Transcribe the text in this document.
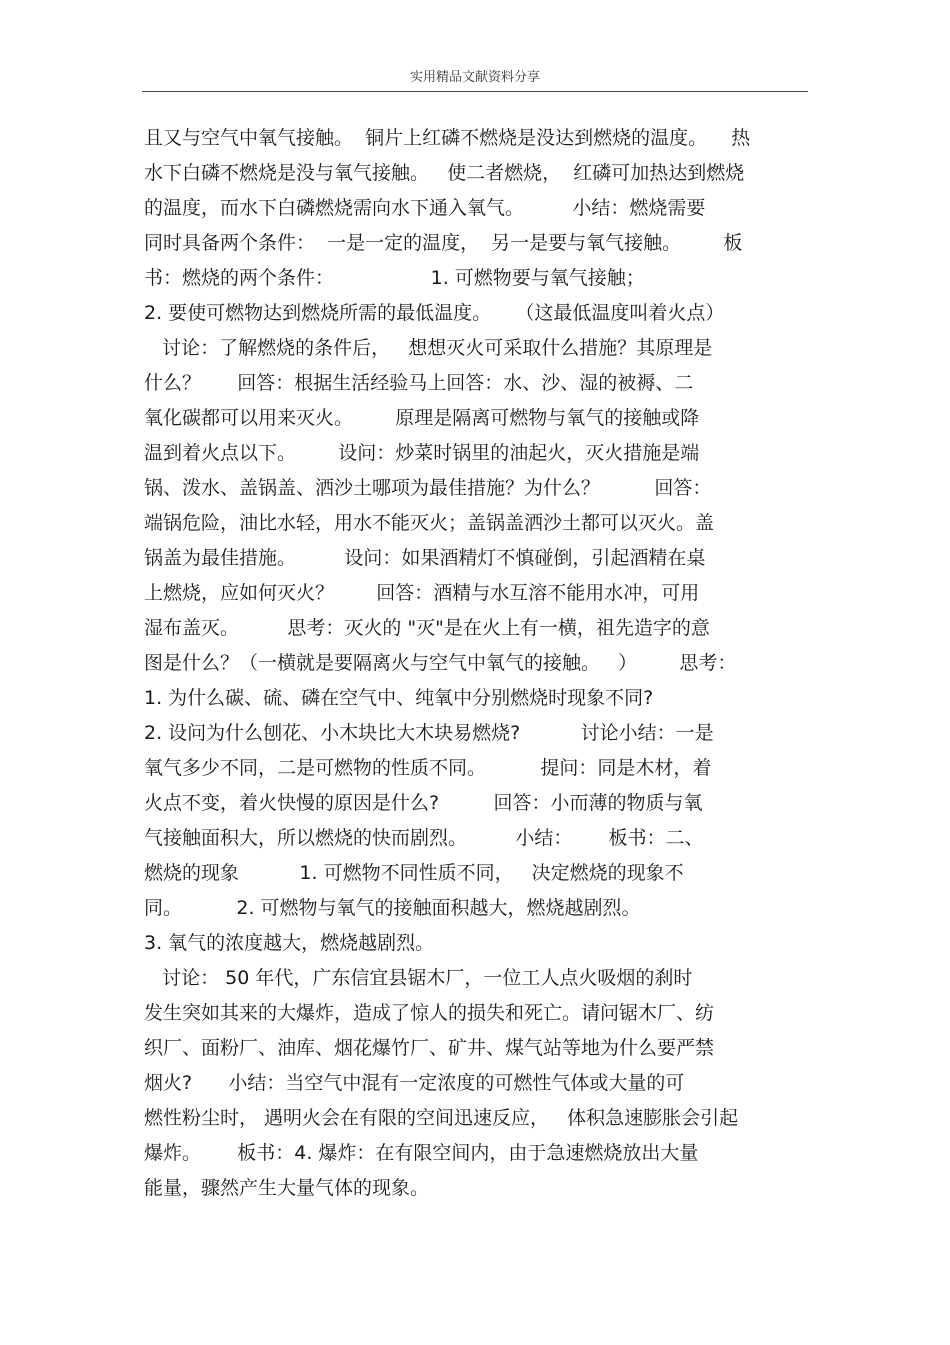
实用精品文献资料分享
且又与空气中氧气接触。  铜片上红磷不燃烧是没达到燃烧的温度。    热
水下白磷不燃烧是没与氧气接触。   使二者燃烧，  红磷可加热达到燃烧
的温度，而水下白磷燃烧需向水下通入氧气。        小结：燃烧需要
同时具备两个条件：  一是一定的温度，  另一是要与氧气接触。       板
书：燃烧的两个条件：                1. 可燃物要与氧气接触；
2. 要使可燃物达到燃烧所需的最低温度。    （这最低温度叫着火点）
讨论：了解燃烧的条件后，   想想灭火可采取什么措施？其原理是
什么？      回答：根据生活经验马上回答：水、沙、湿的被褥、二
氧化碳都可以用来灭火。       原理是隔离可燃物与氧气的接触或降
温到着火点以下。       设问：炒菜时锅里的油起火，灭火措施是端
锅、泼水、盖锅盖、洒沙土哪项为最佳措施？为什么？         回答：
端锅危险，油比水轻，用水不能灭火；盖锅盖洒沙土都可以灭火。盖
锅盖为最佳措施。        设问：如果酒精灯不慎碰倒，引起酒精在桌
上燃烧，应如何灭火？       回答：酒精与水互溶不能用水冲，可用
湿布盖灭。        思考：灭火的 "灭"是在火上有一横，祖先造字的意
图是什么？（一横就是要隔离火与空气中氧气的接触。   ）       思考：
1. 为什么碳、硫、磷在空气中、纯氧中分别燃烧时现象不同?
2. 设问为什么刨花、小木块比大木块易燃烧?          讨论小结：一是
氧气多少不同，二是可燃物的性质不同。         提问：同是木材，着
火点不变，着火快慢的原因是什么?         回答：小而薄的物质与氧
气接触面积大，所以燃烧的快而剧烈。        小结：      板书：二、
燃烧的现象          1. 可燃物不同性质不同，   决定燃烧的现象不
同。         2. 可燃物与氧气的接触面积越大，燃烧越剧烈。
3. 氧气的浓度越大，燃烧越剧烈。
讨论： 50 年代，广东信宜县锯木厂，一位工人点火吸烟的刹时
发生突如其来的大爆炸，造成了惊人的损失和死亡。请问锯木厂、纺
织厂、面粉厂、油库、烟花爆竹厂、矿井、煤气站等地为什么要严禁
烟火?      小结：当空气中混有一定浓度的可燃性气体或大量的可
燃性粉尘时， 遇明火会在有限的空间迅速反应，   体积急速膨胀会引起
爆炸。      板书：4. 爆炸：在有限空间内，由于急速燃烧放出大量
能量，骤然产生大量气体的现象。
